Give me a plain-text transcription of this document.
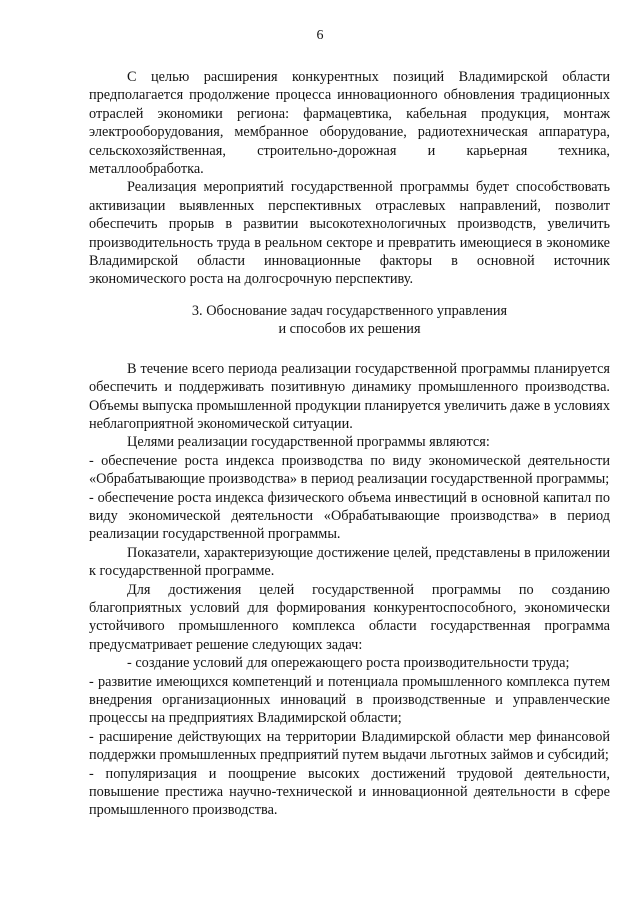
6

С целью расширения конкурентных позиций Владимирской области предполагается продолжение процесса инновационного обновления традиционных отраслей экономики региона: фармацевтика, кабельная продукция, монтаж электрооборудования, мембранное оборудование, радиотехническая аппаратура, сельскохозяйственная, строительно-дорожная и карьерная техника, металлообработка.

Реализация мероприятий государственной программы будет способствовать активизации выявленных перспективных отраслевых направлений, позволит обеспечить прорыв в развитии высокотехнологичных производств, увеличить производительность труда в реальном секторе и превратить имеющиеся в экономике Владимирской области инновационные факторы в основной источник экономического роста на долгосрочную перспективу.

3. Обоснование задач государственного управления
и способов их решения

В течение всего периода реализации государственной программы планируется обеспечить и поддерживать позитивную динамику промышленного производства. Объемы выпуска промышленной продукции планируется увеличить даже в условиях неблагоприятной экономической ситуации.

Целями реализации государственной программы являются:

- обеспечение роста индекса производства по виду экономической деятельности «Обрабатывающие производства» в период реализации государственной программы;

- обеспечение роста индекса физического объема инвестиций в основной капитал по виду экономической деятельности «Обрабатывающие производства» в период реализации государственной программы.

Показатели, характеризующие достижение целей, представлены в приложении к государственной программе.

Для достижения целей государственной программы по созданию благоприятных условий для формирования конкурентоспособного, экономически устойчивого промышленного комплекса области государственная программа предусматривает решение следующих задач:

- создание условий для опережающего роста производительности труда;

- развитие имеющихся компетенций и потенциала промышленного комплекса путем внедрения организационных инноваций в производственные и управленческие процессы на предприятиях Владимирской области;

- расширение действующих на территории Владимирской области мер финансовой поддержки промышленных предприятий путем выдачи льготных займов и субсидий;

- популяризация и поощрение высоких достижений трудовой деятельности, повышение престижа научно-технической и инновационной деятельности в сфере промышленного производства.
